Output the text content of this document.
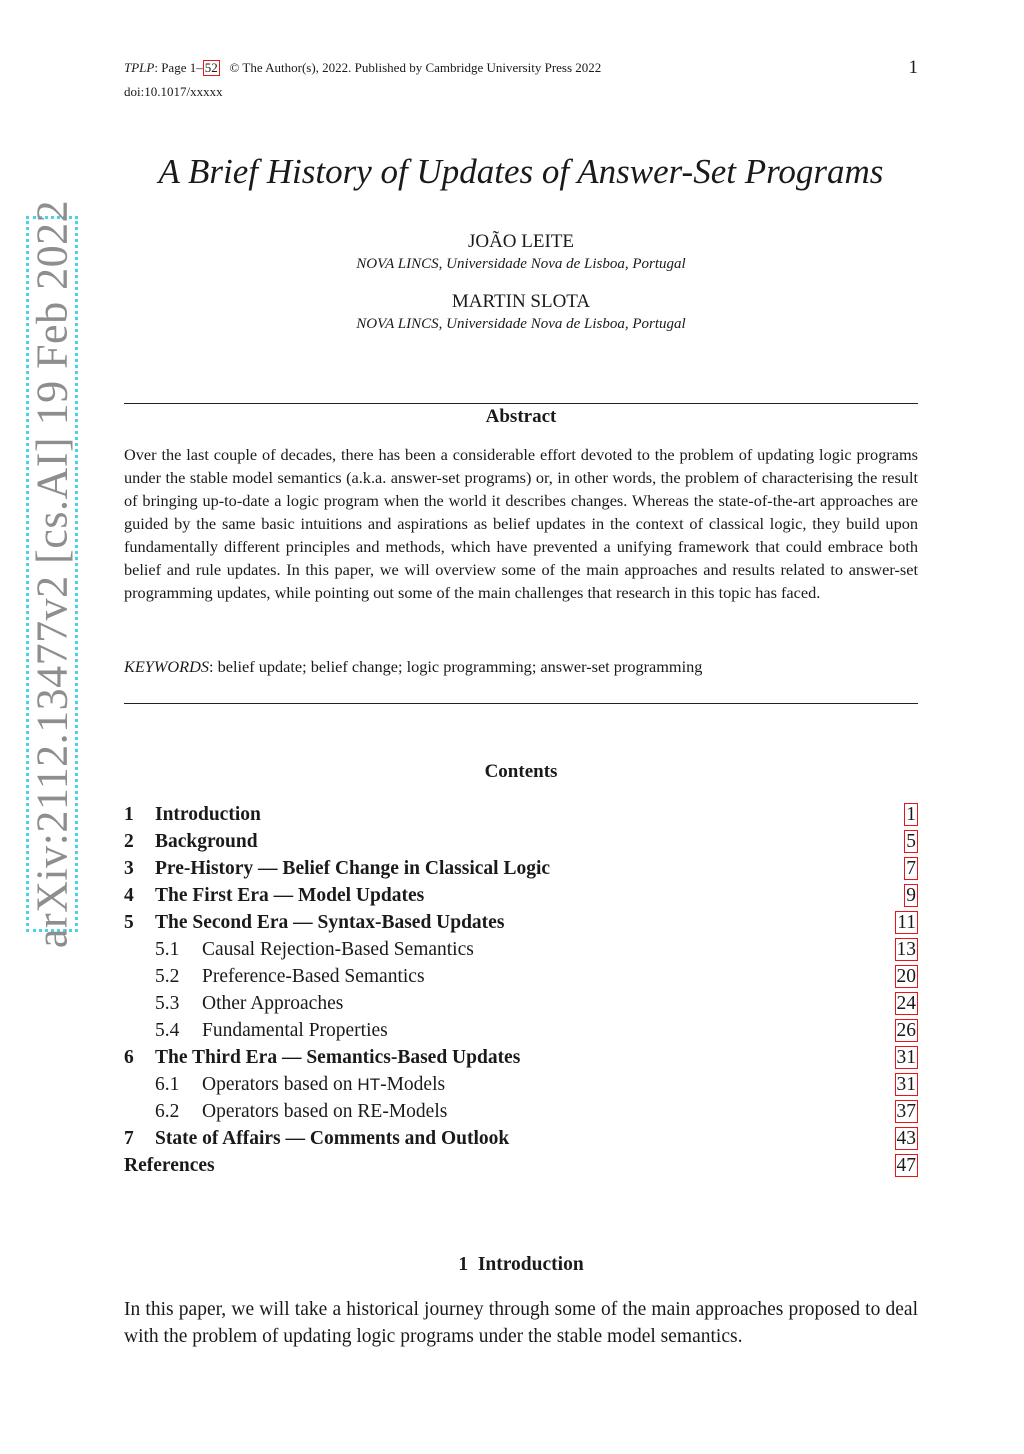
TPLP: Page 1– 52 © The Author(s), 2022. Published by Cambridge University Press 2022
doi:10.1017/xxxxx
1
arXiv:2112.13477v2 [cs.AI] 19 Feb 2022
A Brief History of Updates of Answer-Set Programs
JOÃO LEITE
NOVA LINCS, Universidade Nova de Lisboa, Portugal
MARTIN SLOTA
NOVA LINCS, Universidade Nova de Lisboa, Portugal
Abstract
Over the last couple of decades, there has been a considerable effort devoted to the problem of updating logic programs under the stable model semantics (a.k.a. answer-set programs) or, in other words, the problem of characterising the result of bringing up-to-date a logic program when the world it describes changes. Whereas the state-of-the-art approaches are guided by the same basic intuitions and aspirations as belief updates in the context of classical logic, they build upon fundamentally different principles and methods, which have prevented a unifying framework that could embrace both belief and rule updates. In this paper, we will overview some of the main approaches and results related to answer-set programming updates, while pointing out some of the main challenges that research in this topic has faced.
KEYWORDS: belief update; belief change; logic programming; answer-set programming
Contents
1 Introduction	1
2 Background	5
3 Pre-History — Belief Change in Classical Logic	7
4 The First Era — Model Updates	9
5 The Second Era — Syntax-Based Updates	11
5.1 Causal Rejection-Based Semantics	13
5.2 Preference-Based Semantics	20
5.3 Other Approaches	24
5.4 Fundamental Properties	26
6 The Third Era — Semantics-Based Updates	31
6.1 Operators based on HT-Models	31
6.2 Operators based on RE-Models	37
7 State of Affairs — Comments and Outlook	43
References	47
1 Introduction
In this paper, we will take a historical journey through some of the main approaches proposed to deal with the problem of updating logic programs under the stable model semantics.
